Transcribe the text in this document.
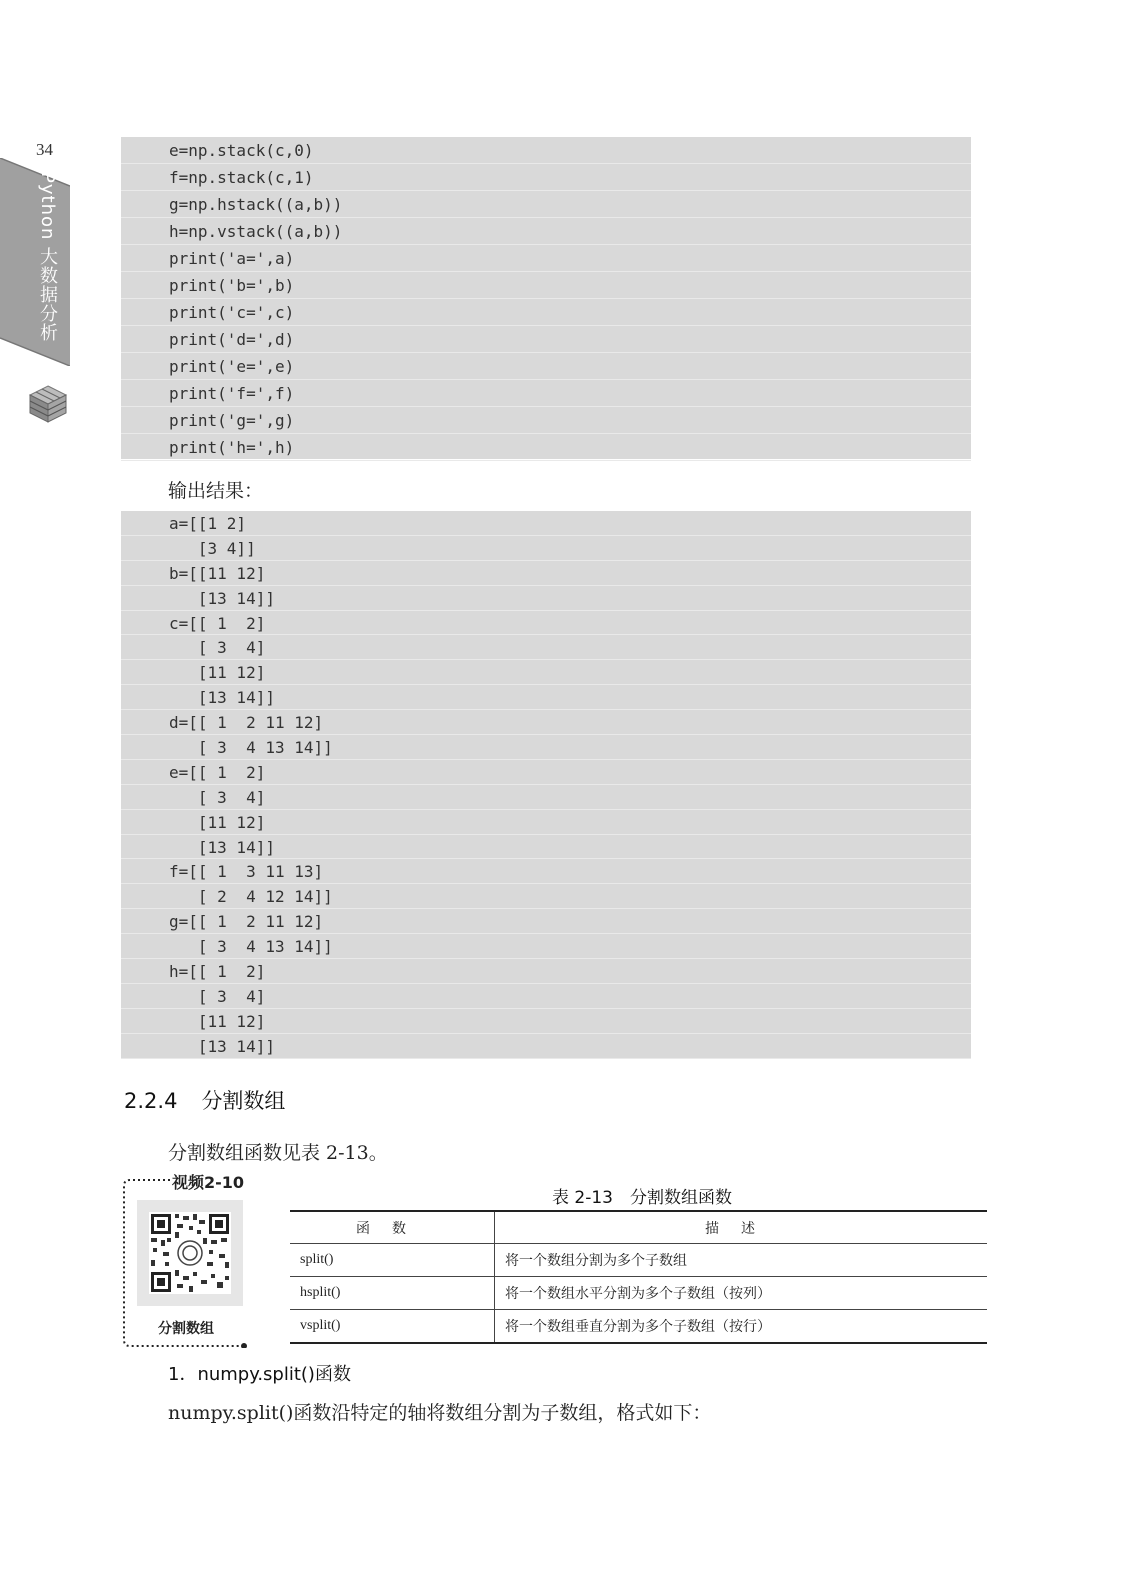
34
Python 大数据分析
e=np.stack(c,0)
f=np.stack(c,1)
g=np.hstack((a,b))
h=np.vstack((a,b))
print('a=',a)
print('b=',b)
print('c=',c)
print('d=',d)
print('e=',e)
print('f=',f)
print('g=',g)
print('h=',h)
输出结果：
a=[[1 2]
[3 4]]
b=[[11 12]
[13 14]]
c=[[ 1  2]
[ 3  4]
[11 12]
[13 14]]
d=[[ 1  2 11 12]
[ 3  4 13 14]]
e=[[ 1  2]
[ 3  4]
[11 12]
[13 14]]
f=[[ 1  3 11 13]
[ 2  4 12 14]]
g=[[ 1  2 11 12]
[ 3  4 13 14]]
h=[[ 1  2]
[ 3  4]
[11 12]
[13 14]]
2.2.4 分割数组
分割数组函数见表 2-13。
视频2-10
分割数组
表 2-13　分割数组函数
函数	描述
split()	将一个数组分割为多个子数组
hsplit()	将一个数组水平分割为多个子数组（按列）
vsplit()	将一个数组垂直分割为多个子数组（按行）
1．numpy.split()函数
numpy.split()函数沿特定的轴将数组分割为子数组，格式如下：
